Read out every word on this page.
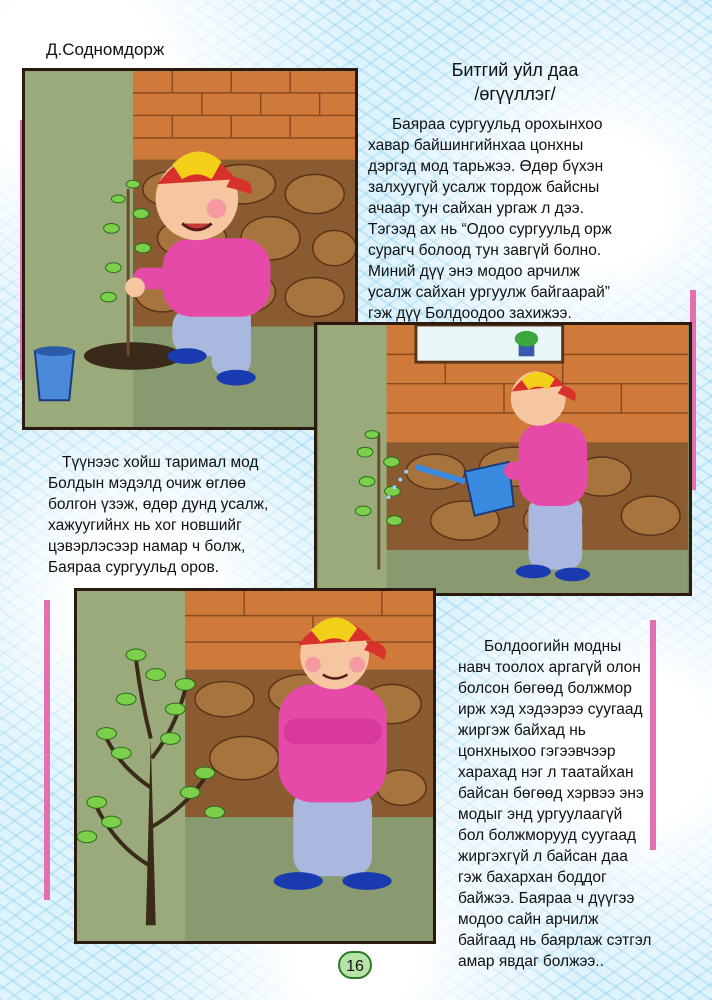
Д.Содномдорж
Битгий уйл даа
/өгүүллэг/
Баяраа сургуульд орохынхоо
хавар байшингийнхаа цонхны
дэргэд мод тарьжээ. Өдөр бүхэн
залхуугүй усалж тордож байсны
ачаар тун сайхан ургаж л дээ.
Тэгээд ах нь “Одоо сургуульд орж
сурагч болоод тун завгүй болно.
Миний дүү энэ модоо арчилж
усалж сайхан ургуулж байгаарай”
гэж дүү Болдоодоо захижээ.
Түүнээс хойш таримал мод
Болдын мэдэлд очиж өглөө
болгон үзэж, өдөр дунд усалж,
хажуугийнх нь хог новшийг
цэвэрлэсээр намар ч болж,
Баяраа сургуульд оров.
Болдоогийн модны
навч тоолох аргагүй олон
болсон бөгөөд болжмор
ирж хэд хэдээрээ суугаад
жиргэж байхад нь
цонхныхоо гэгээвчээр
харахад нэг л таатайхан
байсан бөгөөд хэрвээ энэ
модыг энд ургуулаагүй
бол болжморууд суугаад
жиргэхгүй л байсан даа
гэж бахархан боддог
байжээ. Баяраа ч дүүгээ
модоо сайн арчилж
байгаад нь баярлаж сэтгэл
амар явдаг болжээ..
16
